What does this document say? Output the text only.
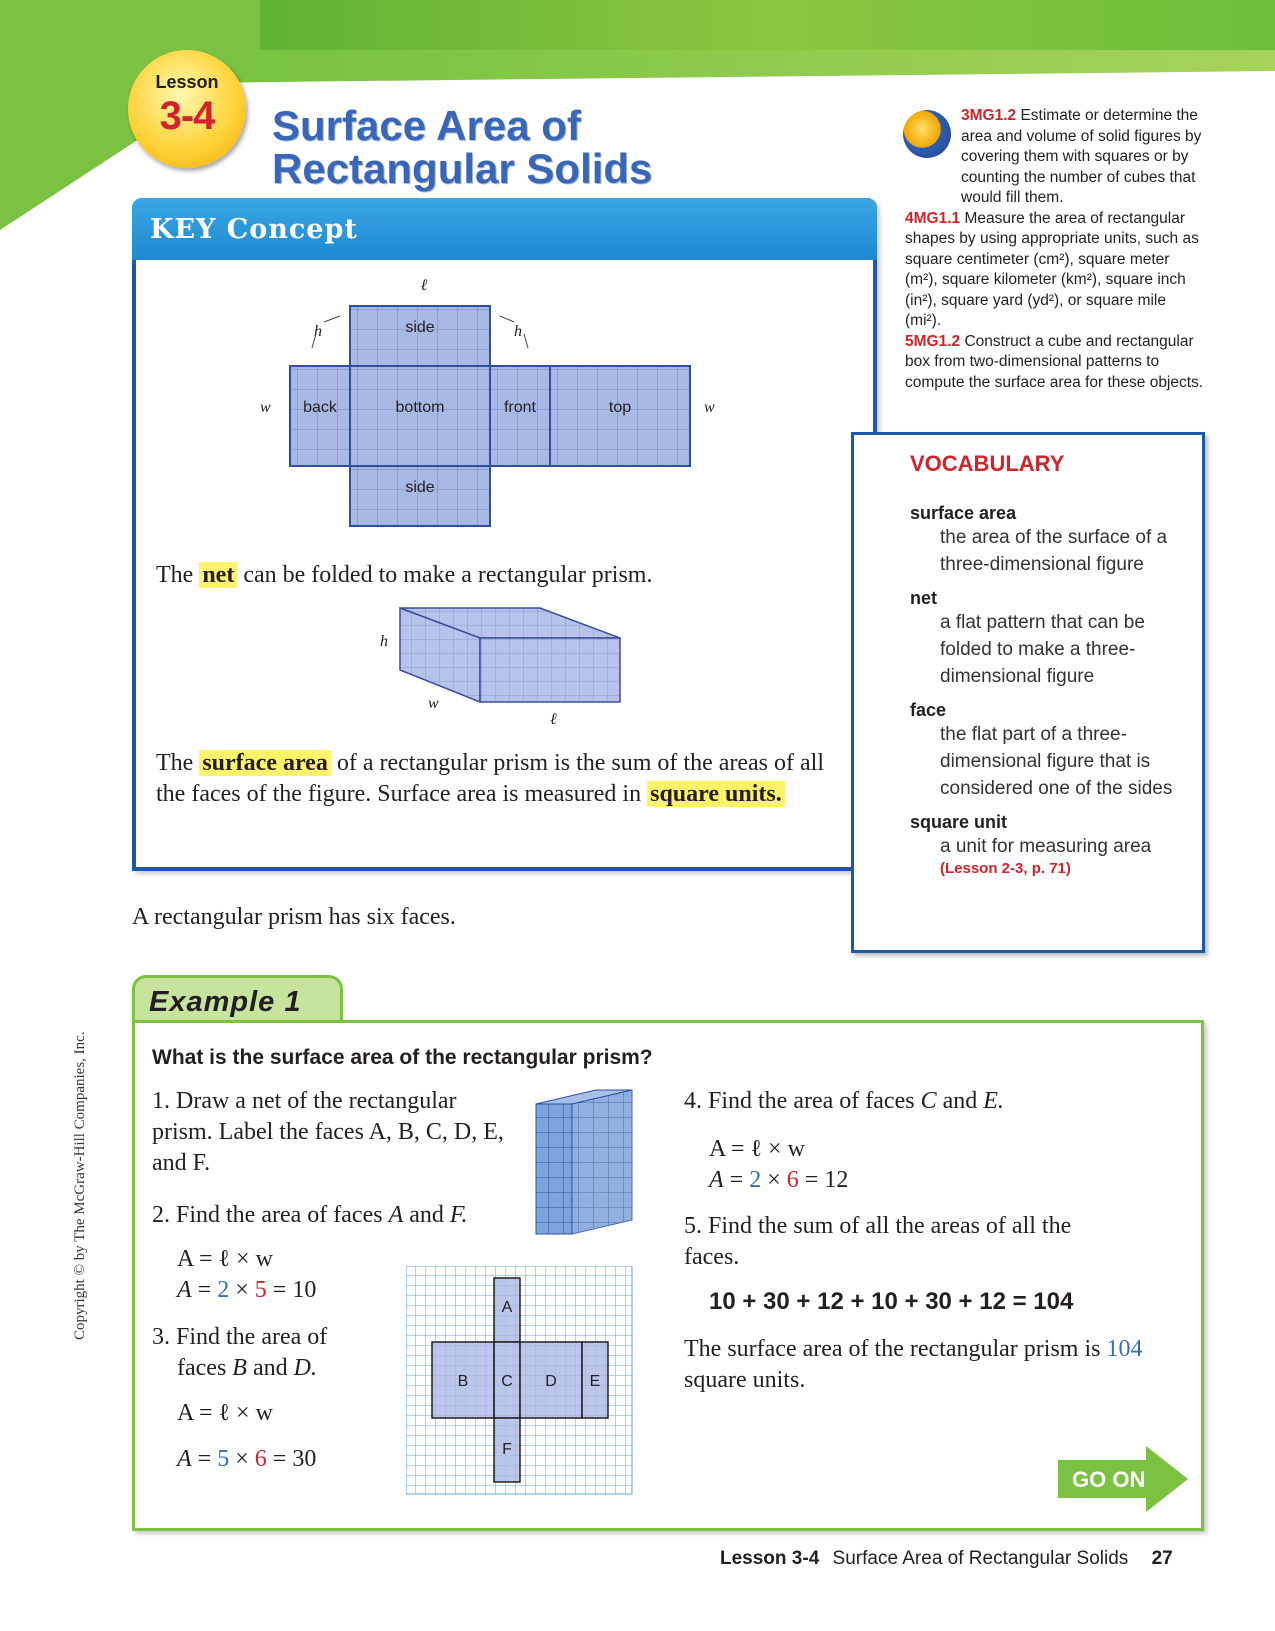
Lesson
3-4	Surface Area of
Rectangular Solids
3MG1.2 Estimate or determine the area and volume of solid figures by covering them with squares or by counting the number of cubes that would fill them.
4MG1.1 Measure the area of rectangular shapes by using appropriate units, such as square centimeter (cm²), square meter (m²), square kilometer (km²), square inch (in²), square yard (yd²), or square mile (mi²).
5MG1.2 Construct a cube and rectangular box from two-dimensional patterns to compute the surface area for these objects.
KEY Concept
side
back	bottom	front	top
side
ℓ
h	h
w	w
The net can be folded to make a rectangular prism.
h
w
ℓ
The surface area of a rectangular prism is the sum of the areas of all the faces of the figure. Surface area is measured in square units.
A rectangular prism has six faces.
VOCABULARY
surface area
the area of the surface of a three-dimensional figure
net
a flat pattern that can be folded to make a three-dimensional figure
face
the flat part of a three-dimensional figure that is considered one of the sides
square unit
a unit for measuring area
(Lesson 2-3, p. 71)
Copyright © by The McGraw-Hill Companies, Inc.
Example 1
What is the surface area of the rectangular prism?
1. Draw a net of the rectangular prism. Label the faces A, B, C, D, E, and F.
2. Find the area of faces A and F.
A = ℓ × w
A = 2 × 5 = 10
3. Find the area of
faces B and D.
A = ℓ × w
A = 5 × 6 = 30
A
B C D E
F
4. Find the area of faces C and E.
A = ℓ × w
A = 2 × 6 = 12
5. Find the sum of all the areas of all the faces.
10 + 30 + 12 + 10 + 30 + 12 = 104
The surface area of the rectangular prism is 104 square units.
GO ON
Lesson 3-4 Surface Area of Rectangular Solids 27
